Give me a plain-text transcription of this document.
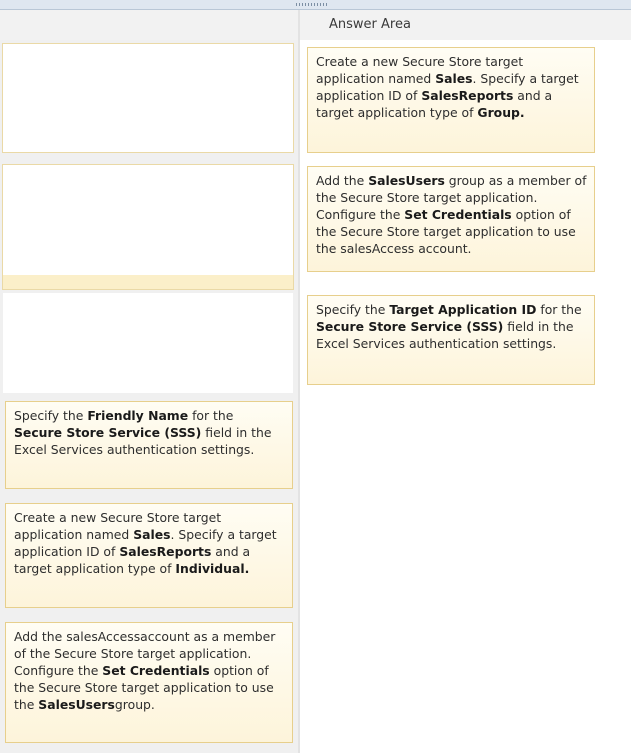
Answer Area
Specify the Friendly Name for the Secure Store Service (SSS) field in the Excel Services authentication settings.
Create a new Secure Store target application named Sales. Specify a target application ID of SalesReports and a target application type of Individual.
Add the salesAccessaccount as a member of the Secure Store target application. Configure the Set Credentials option of the Secure Store target application to use the SalesUsersgroup.
Create a new Secure Store target application named Sales. Specify a target application ID of SalesReports and a target application type of Group.
Add the SalesUsers group as a member of the Secure Store target application. Configure the Set Credentials option of the Secure Store target application to use the salesAccess account.
Specify the Target Application ID for the Secure Store Service (SSS) field in the Excel Services authentication settings.
